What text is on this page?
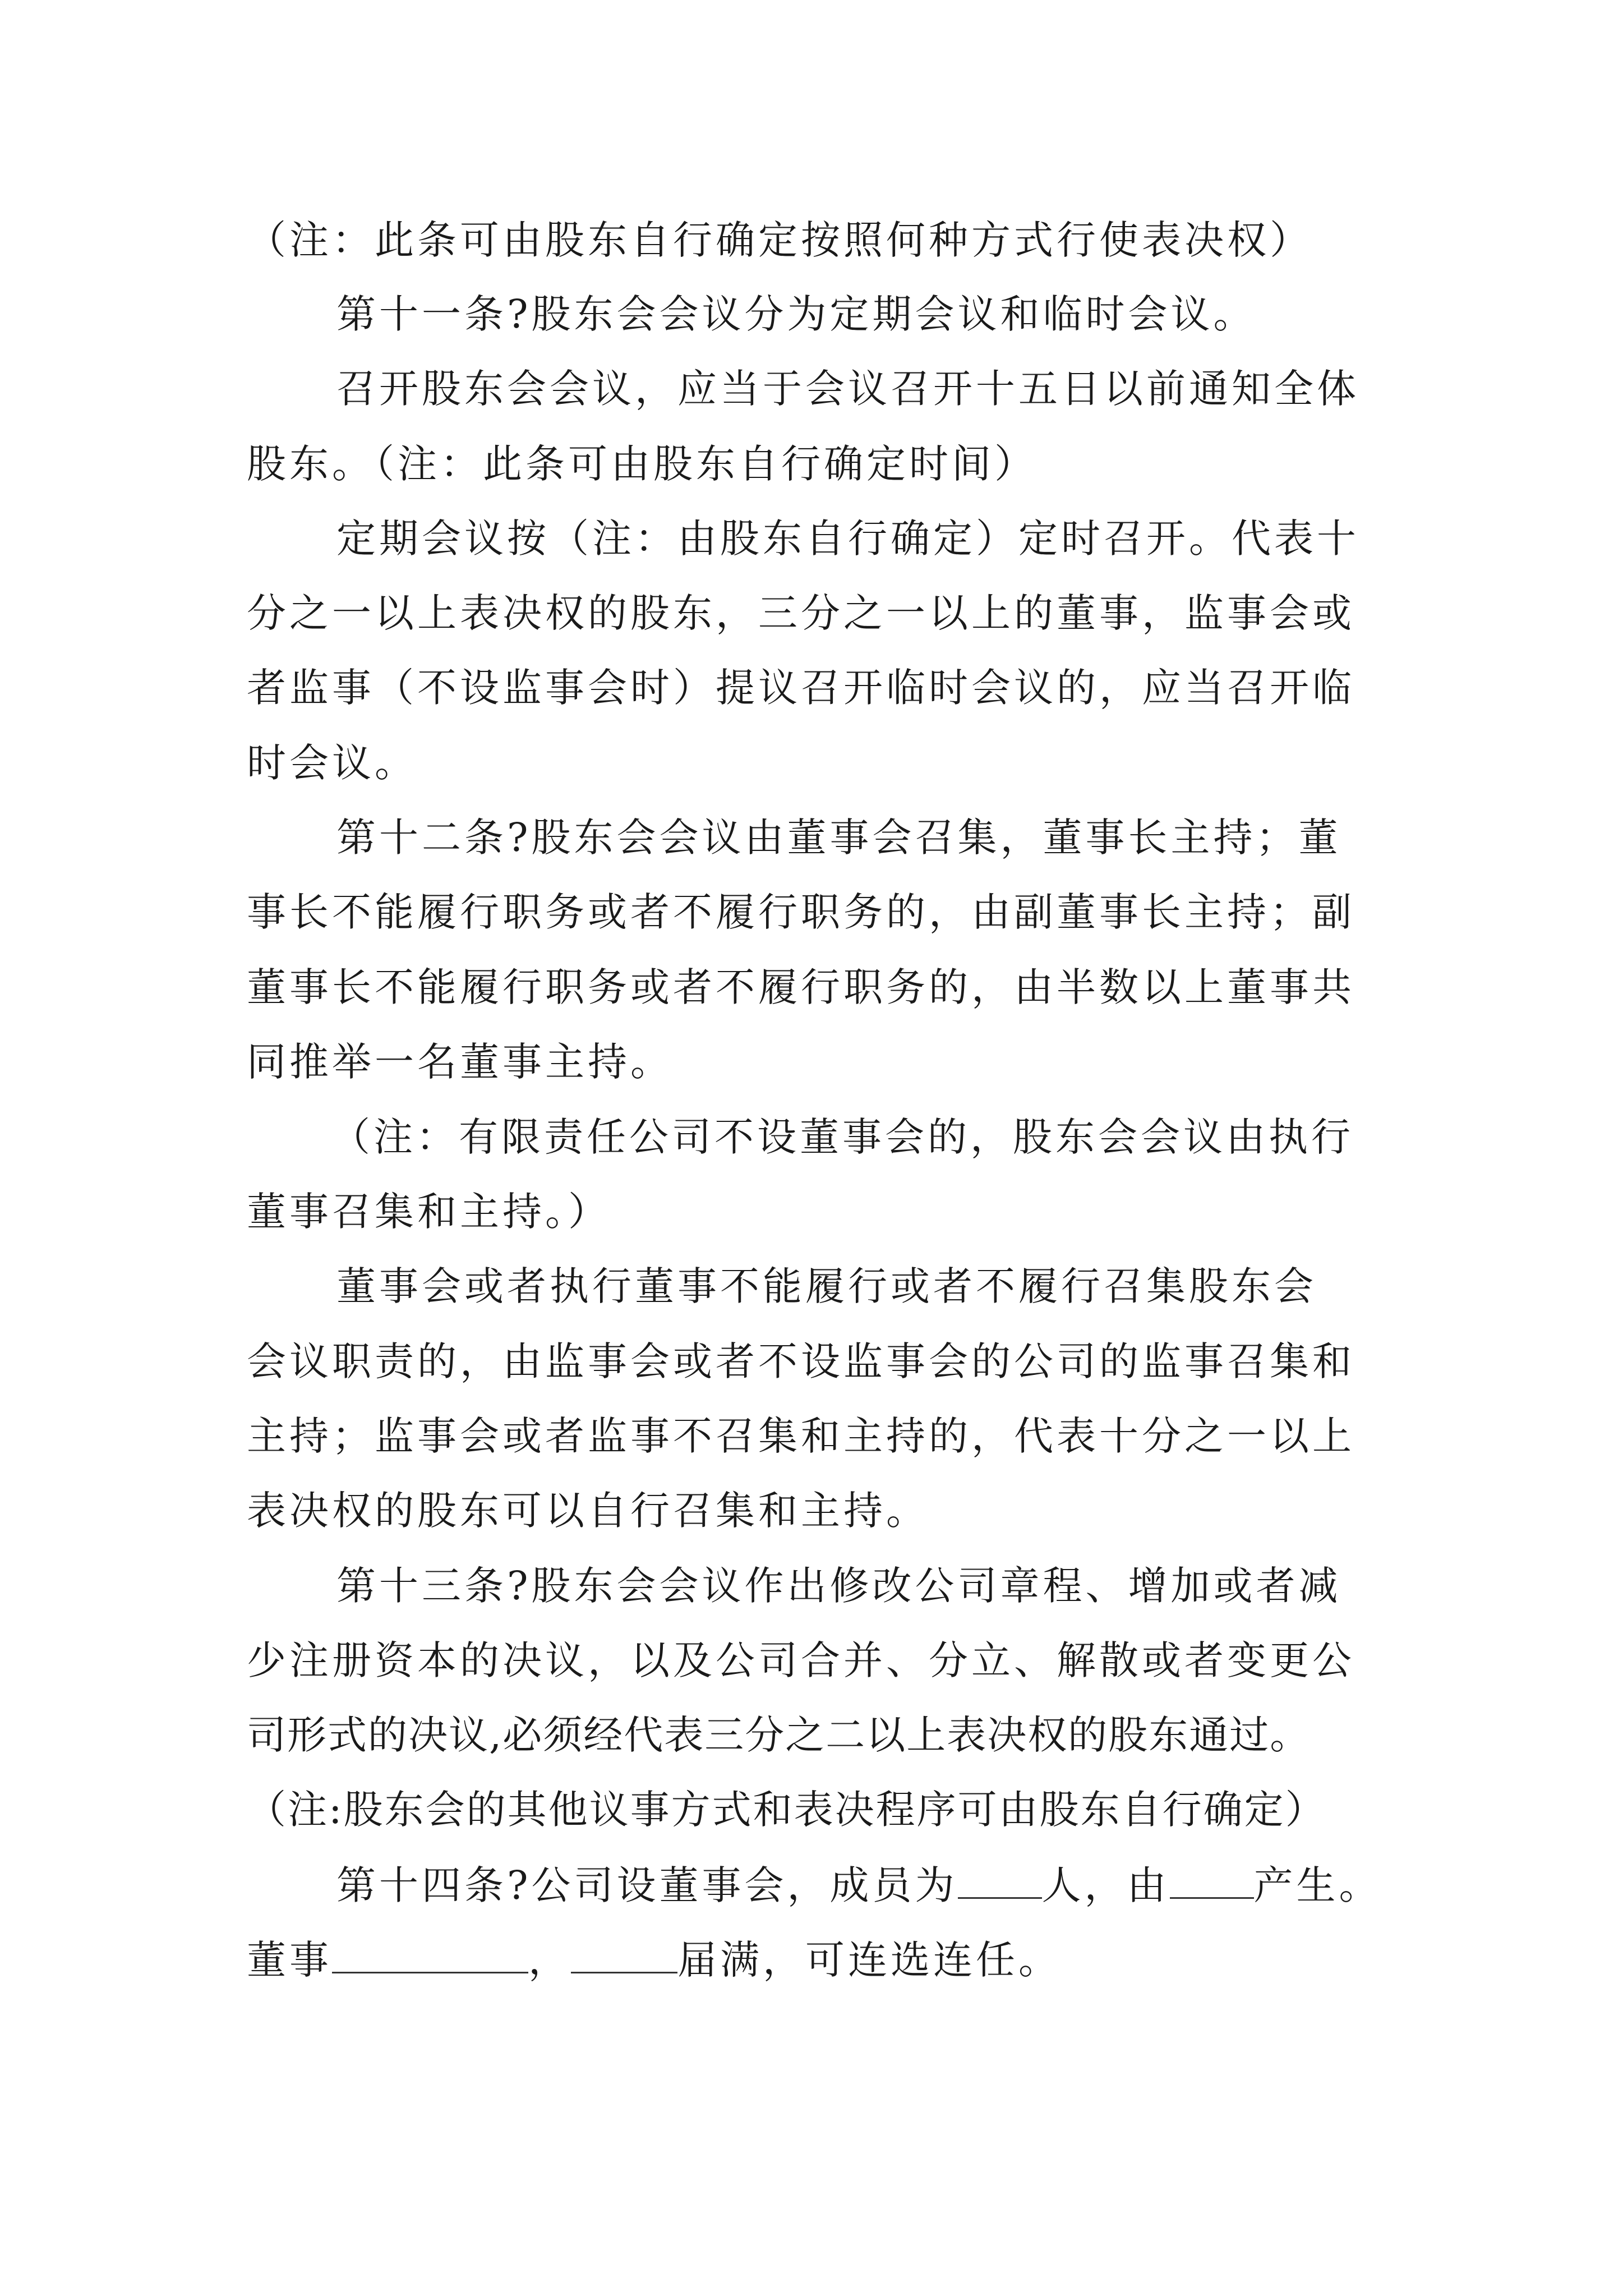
（注：此条可由股东自行确定按照何种方式行使表决权）
第十一条?股东会会议分为定期会议和临时会议。
召开股东会会议，应当于会议召开十五日以前通知全体
股东。（注：此条可由股东自行确定时间）
定期会议按（注：由股东自行确定）定时召开。代表十
分之一以上表决权的股东，三分之一以上的董事，监事会或
者监事（不设监事会时）提议召开临时会议的，应当召开临
时会议。
第十二条?股东会会议由董事会召集，董事长主持；董
事长不能履行职务或者不履行职务的，由副董事长主持；副
董事长不能履行职务或者不履行职务的，由半数以上董事共
同推举一名董事主持。
（注：有限责任公司不设董事会的，股东会会议由执行
董事召集和主持。）
董事会或者执行董事不能履行或者不履行召集股东会
会议职责的，由监事会或者不设监事会的公司的监事召集和
主持；监事会或者监事不召集和主持的，代表十分之一以上
表决权的股东可以自行召集和主持。
第十三条?股东会会议作出修改公司章程、增加或者减
少注册资本的决议，以及公司合并、分立、解散或者变更公
司形式的决议,必须经代表三分之二以上表决权的股东通过。
（注:股东会的其他议事方式和表决程序可由股东自行确定）
第十四条?公司设董事会，成员为 人，由 产生。
董事	，	届满，可连选连任。
